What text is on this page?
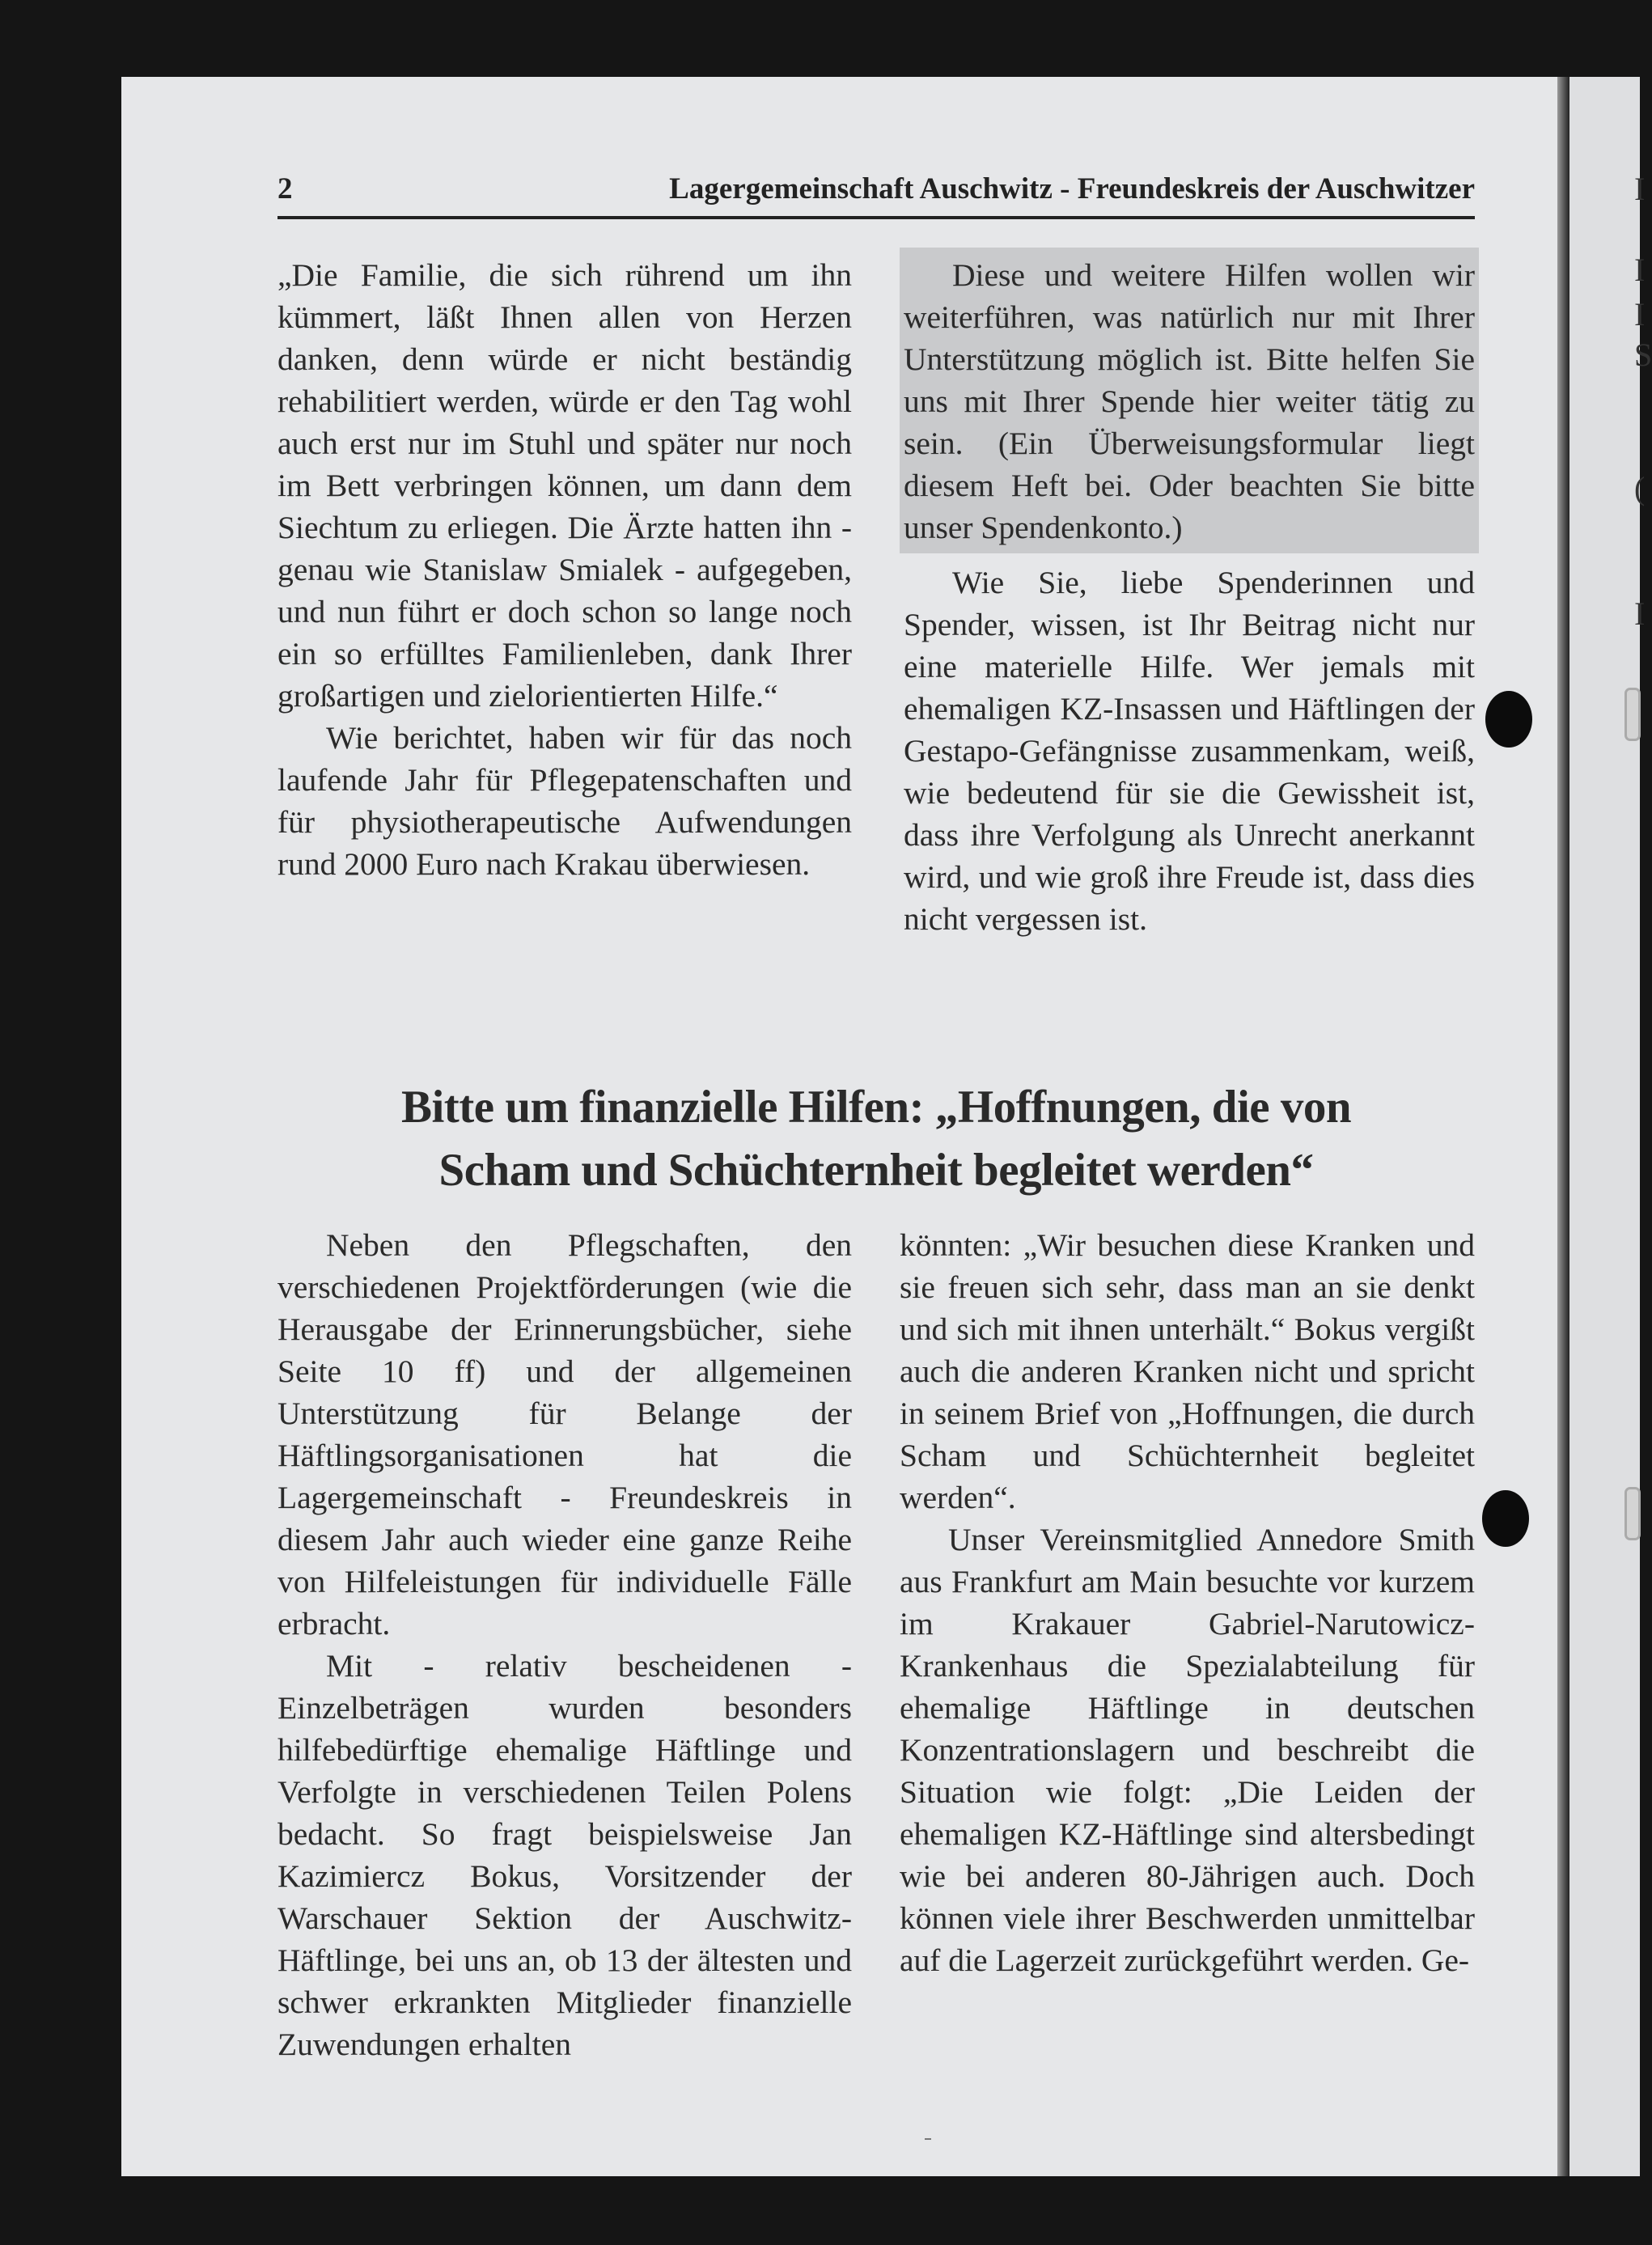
I
I
I
S
(
I
2	Lagergemeinschaft Auschwitz - Freundeskreis der Auschwitzer

„Die Familie, die sich rührend um ihn kümmert, läßt Ihnen allen von Herzen danken, denn würde er nicht beständig rehabilitiert werden, würde er den Tag wohl auch erst nur im Stuhl und später nur noch im Bett verbringen können, um dann dem Siechtum zu erliegen. Die Ärzte hatten ihn - genau wie Stanislaw Smialek - aufgegeben, und nun führt er doch schon so lange noch ein so erfülltes Familienleben, dank Ihrer großartigen und zielorientierten Hilfe.“

Wie berichtet, haben wir für das noch laufende Jahr für Pflegepatenschaften und für physiotherapeutische Aufwendungen rund 2000 Euro nach Krakau überwiesen.

Diese und weitere Hilfen wollen wir weiterführen, was natürlich nur mit Ihrer Unterstützung möglich ist. Bitte helfen Sie uns mit Ihrer Spende hier weiter tätig zu sein. (Ein Überweisungsformular liegt diesem Heft bei. Oder beachten Sie bitte unser Spendenkonto.)

Wie Sie, liebe Spenderinnen und Spender, wissen, ist Ihr Beitrag nicht nur eine materielle Hilfe. Wer jemals mit ehemaligen KZ-Insassen und Häftlingen der Gestapo-Gefängnisse zusammenkam, weiß, wie bedeutend für sie die Gewissheit ist, dass ihre Verfolgung als Unrecht anerkannt wird, und wie groß ihre Freude ist, dass dies nicht vergessen ist.

Bitte um finanzielle Hilfen: „Hoffnungen, die von
Scham und Schüchternheit begleitet werden“

Neben den Pflegschaften, den verschiedenen Projektförderungen (wie die Herausgabe der Erinnerungsbücher, siehe Seite 10 ff) und der allgemeinen Unterstützung für Belange der Häftlingsorganisationen hat die Lagergemeinschaft - Freundeskreis in diesem Jahr auch wieder eine ganze Reihe von Hilfeleistungen für individuelle Fälle erbracht.

Mit - relativ bescheidenen - Einzelbeträgen wurden besonders hilfebedürftige ehemalige Häftlinge und Verfolgte in verschiedenen Teilen Polens bedacht. So fragt beispielsweise Jan Kazimiercz Bokus, Vorsitzender der Warschauer Sektion der Auschwitz-Häftlinge, bei uns an, ob 13 der ältesten und schwer erkrankten Mitglieder finanzielle Zuwendungen erhalten

könnten: „Wir besuchen diese Kranken und sie freuen sich sehr, dass man an sie denkt und sich mit ihnen unterhält.“ Bokus vergißt auch die anderen Kranken nicht und spricht in seinem Brief von „Hoffnungen, die durch Scham und Schüchternheit begleitet werden“.

Unser Vereinsmitglied Annedore Smith aus Frankfurt am Main besuchte vor kurzem im Krakauer Gabriel-Narutowicz-Krankenhaus die Spezialabteilung für ehemalige Häftlinge in deutschen Konzentrationslagern und beschreibt die Situation wie folgt: „Die Leiden der ehemaligen KZ-Häftlinge sind altersbedingt wie bei anderen 80-Jährigen auch. Doch können viele ihrer Beschwerden unmittelbar auf die Lagerzeit zurückgeführt werden. Ge-
